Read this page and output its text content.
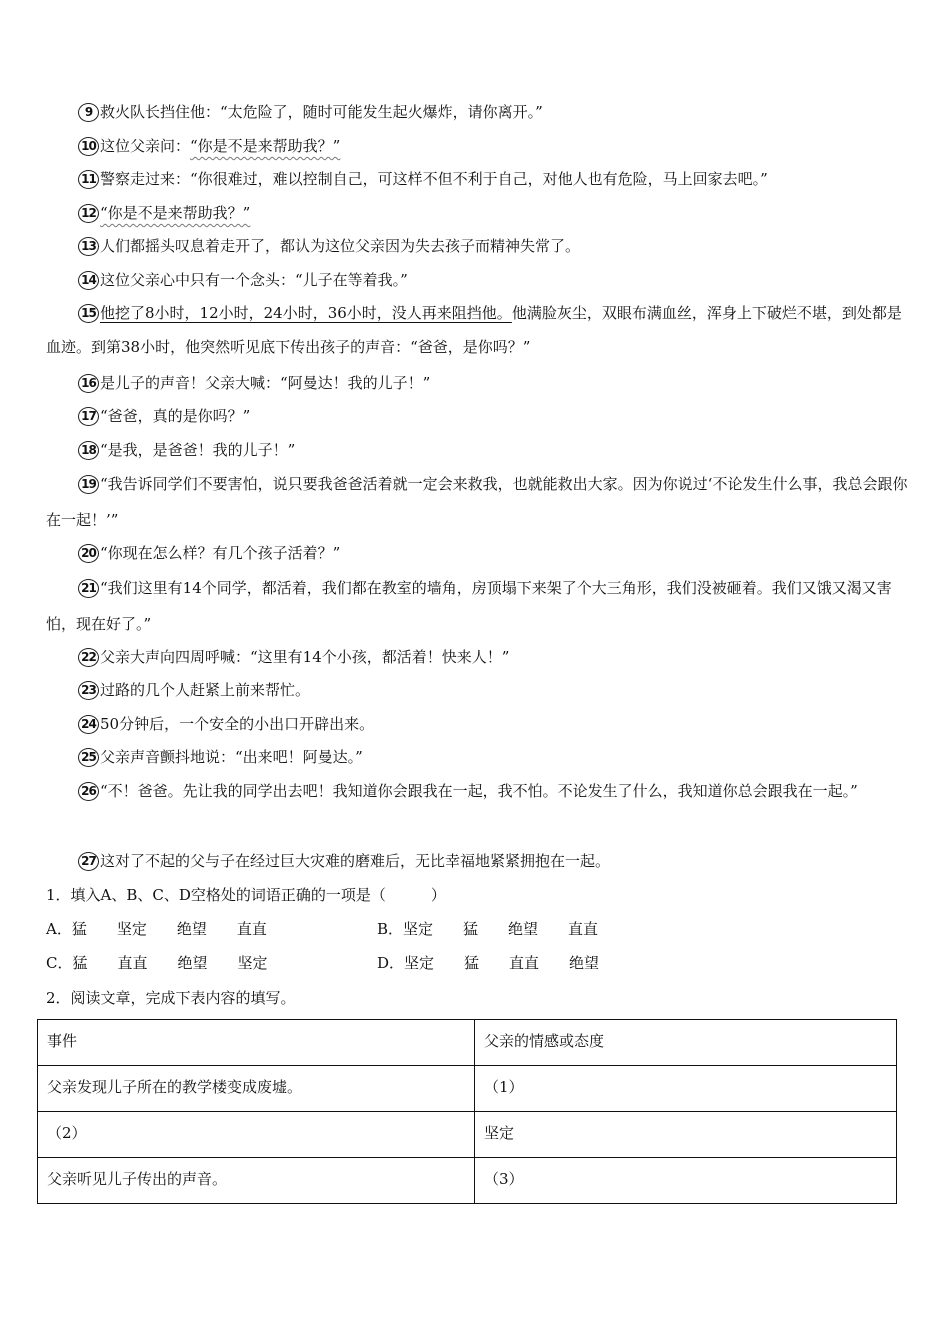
9 救火队长挡住他：“太危险了，随时可能发生起火爆炸，请你离开。”

10 这位父亲问：“你是不是来帮助我？”

11 警察走过来：“你很难过，难以控制自己，可这样不但不利于自己，对他人也有危险，马上回家去吧。”

12 “你是不是来帮助我？”

13 人们都摇头叹息着走开了，都认为这位父亲因为失去孩子而精神失常了。

14 这位父亲心中只有一个念头：“儿子在等着我。”

15 他挖了8小时，12小时，24小时，36小时，没人再来阻挡他。他满脸灰尘，双眼布满血丝，浑身上下破烂不堪，到处都是血迹。到第38小时，他突然听见底下传出孩子的声音：“爸爸，是你吗？”

16 是儿子的声音！父亲大喊：“阿曼达！我的儿子！”

17 “爸爸，真的是你吗？”

18 “是我，是爸爸！我的儿子！”

19 “我告诉同学们不要害怕，说只要我爸爸活着就一定会来救我，也就能救出大家。因为你说过‘不论发生什么事，我总会跟你在一起！’”

20 “你现在怎么样？有几个孩子活着？”

21 “我们这里有14个同学，都活着，我们都在教室的墙角，房顶塌下来架了个大三角形，我们没被砸着。我们又饿又渴又害怕，现在好了。”

22 父亲大声向四周呼喊：“这里有14个小孩，都活着！快来人！”

23 过路的几个人赶紧上前来帮忙。

24 50分钟后，一个安全的小出口开辟出来。

25 父亲声音颤抖地说：“出来吧！阿曼达。”

26 “不！爸爸。先让我的同学出去吧！我知道你会跟我在一起，我不怕。不论发生了什么，我知道你总会跟我在一起。”

27 这对了不起的父与子在经过巨大灾难的磨难后，无比幸福地紧紧拥抱在一起。

1．填入A、B、C、D空格处的词语正确的一项是（　　　）

A．猛　　坚定　　绝望　　直直	B．坚定　　猛　　绝望　　直直
C．猛　　直直　　绝望　　坚定	D．坚定　　猛　　直直　　绝望

2．阅读文章，完成下表内容的填写。

事件	父亲的情感或态度
父亲发现儿子所在的教学楼变成废墟。	（1）
（2）	坚定
父亲听见儿子传出的声音。	（3）
